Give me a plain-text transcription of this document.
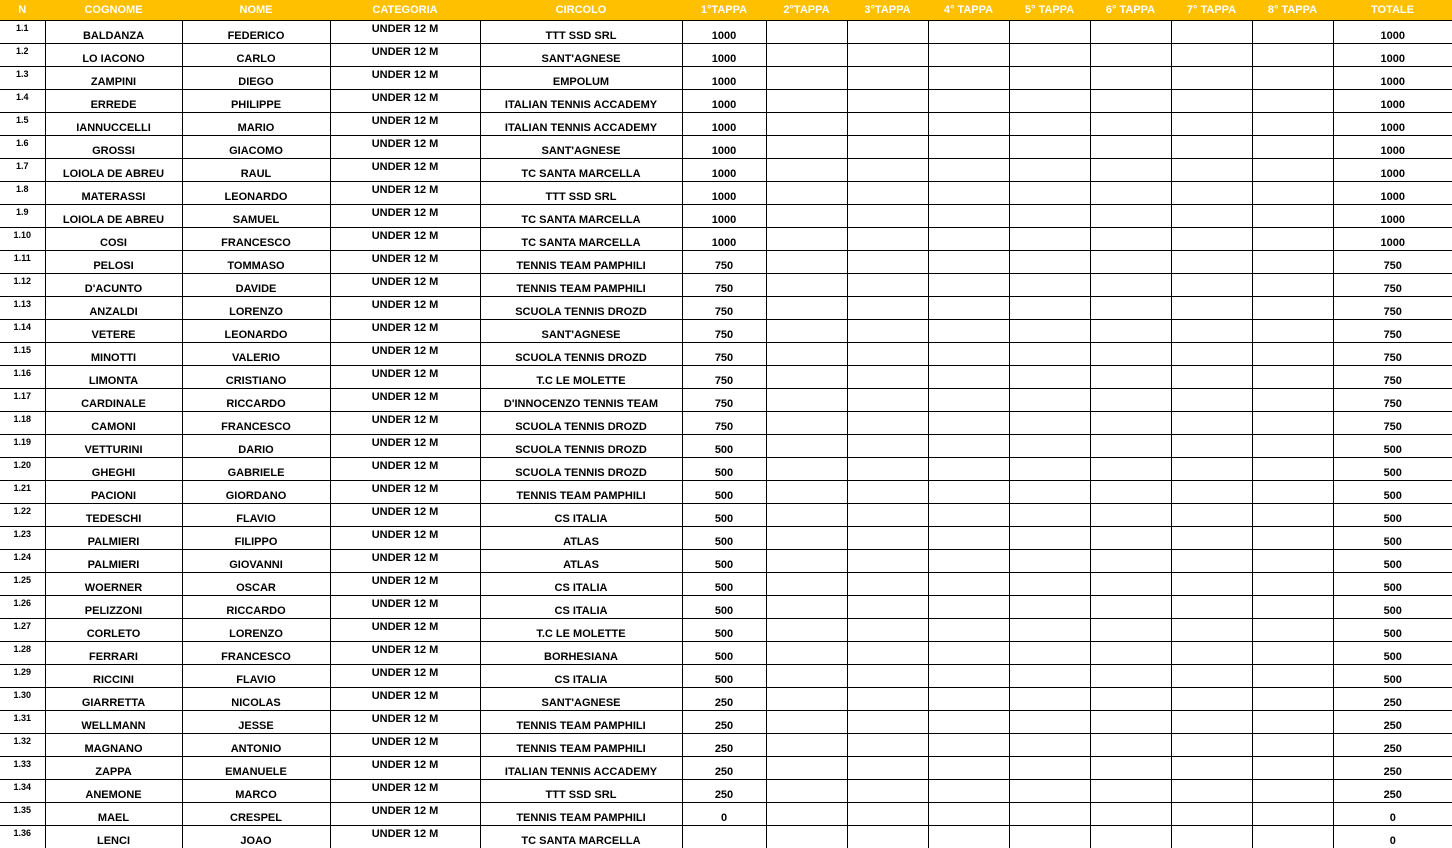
N	COGNOME	NOME	CATEGORIA	CIRCOLO	1°TAPPA	2°TAPPA	3°TAPPA	4° TAPPA	5° TAPPA	6° TAPPA	7° TAPPA	8° TAPPA	TOTALE
1.1	BALDANZA	FEDERICO	UNDER 12 M	TTT SSD SRL	1000								1000
1.2	LO IACONO	CARLO	UNDER 12 M	SANT'AGNESE	1000								1000
1.3	ZAMPINI	DIEGO	UNDER 12 M	EMPOLUM	1000								1000
1.4	ERREDE	PHILIPPE	UNDER 12 M	ITALIAN TENNIS ACCADEMY	1000								1000
1.5	IANNUCCELLI	MARIO	UNDER 12 M	ITALIAN TENNIS ACCADEMY	1000								1000
1.6	GROSSI	GIACOMO	UNDER 12 M	SANT'AGNESE	1000								1000
1.7	LOIOLA DE ABREU	RAUL	UNDER 12 M	TC SANTA MARCELLA	1000								1000
1.8	MATERASSI	LEONARDO	UNDER 12 M	TTT SSD SRL	1000								1000
1.9	LOIOLA DE ABREU	SAMUEL	UNDER 12 M	TC SANTA MARCELLA	1000								1000
1.10	COSI	FRANCESCO	UNDER 12 M	TC SANTA MARCELLA	1000								1000
1.11	PELOSI	TOMMASO	UNDER 12 M	TENNIS TEAM PAMPHILI	750								750
1.12	D'ACUNTO	DAVIDE	UNDER 12 M	TENNIS TEAM PAMPHILI	750								750
1.13	ANZALDI	LORENZO	UNDER 12 M	SCUOLA TENNIS DROZD	750								750
1.14	VETERE	LEONARDO	UNDER 12 M	SANT'AGNESE	750								750
1.15	MINOTTI	VALERIO	UNDER 12 M	SCUOLA TENNIS DROZD	750								750
1.16	LIMONTA	CRISTIANO	UNDER 12 M	T.C LE MOLETTE	750								750
1.17	CARDINALE	RICCARDO	UNDER 12 M	D'INNOCENZO TENNIS TEAM	750								750
1.18	CAMONI	FRANCESCO	UNDER 12 M	SCUOLA TENNIS DROZD	750								750
1.19	VETTURINI	DARIO	UNDER 12 M	SCUOLA TENNIS DROZD	500								500
1.20	GHEGHI	GABRIELE	UNDER 12 M	SCUOLA TENNIS DROZD	500								500
1.21	PACIONI	GIORDANO	UNDER 12 M	TENNIS TEAM PAMPHILI	500								500
1.22	TEDESCHI	FLAVIO	UNDER 12 M	CS ITALIA	500								500
1.23	PALMIERI	FILIPPO	UNDER 12 M	ATLAS	500								500
1.24	PALMIERI	GIOVANNI	UNDER 12 M	ATLAS	500								500
1.25	WOERNER	OSCAR	UNDER 12 M	CS ITALIA	500								500
1.26	PELIZZONI	RICCARDO	UNDER 12 M	CS ITALIA	500								500
1.27	CORLETO	LORENZO	UNDER 12 M	T.C LE MOLETTE	500								500
1.28	FERRARI	FRANCESCO	UNDER 12 M	BORHESIANA	500								500
1.29	RICCINI	FLAVIO	UNDER 12 M	CS ITALIA	500								500
1.30	GIARRETTA	NICOLAS	UNDER 12 M	SANT'AGNESE	250								250
1.31	WELLMANN	JESSE	UNDER 12 M	TENNIS TEAM PAMPHILI	250								250
1.32	MAGNANO	ANTONIO	UNDER 12 M	TENNIS TEAM PAMPHILI	250								250
1.33	ZAPPA	EMANUELE	UNDER 12 M	ITALIAN TENNIS ACCADEMY	250								250
1.34	ANEMONE	MARCO	UNDER 12 M	TTT SSD SRL	250								250
1.35	MAEL	CRESPEL	UNDER 12 M	TENNIS TEAM PAMPHILI	0								0
1.36	LENCI	JOAO	UNDER 12 M	TC SANTA MARCELLA									0
